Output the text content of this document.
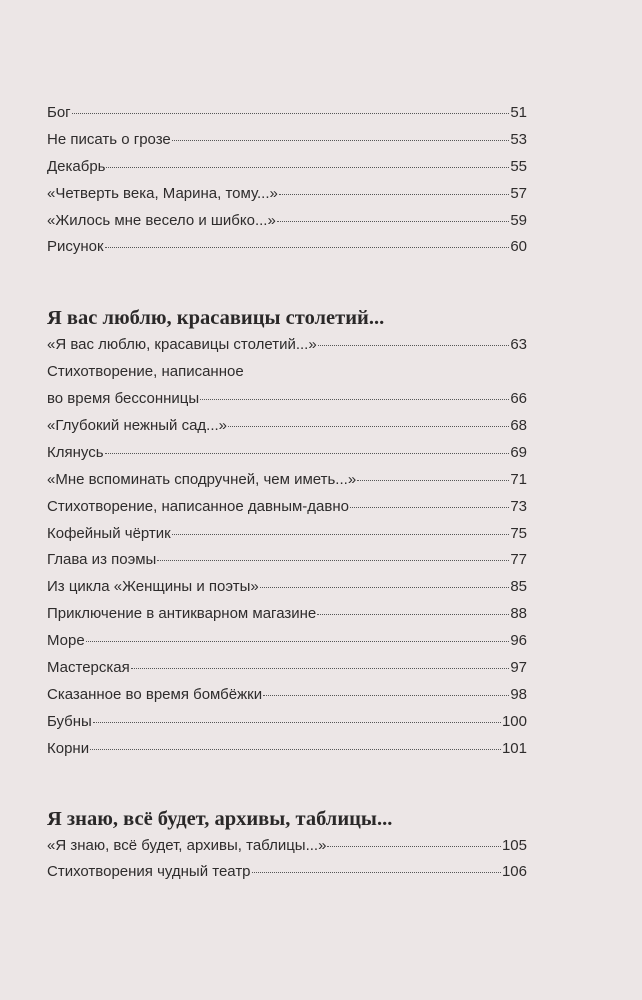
Бог	51
Не писать о грозе	53
Декабрь	55
«Четверть века, Марина, тому...»	57
«Жилось мне весело и шибко...»	59
Рисунок	60
Я вас люблю, красавицы столетий...
«Я вас люблю, красавицы столетий...»	63
Стихотворение, написанное
во время бессонницы	66
«Глубокий нежный сад...»	68
Клянусь	69
«Мне вспоминать сподручней, чем иметь...»	71
Стихотворение, написанное давным-давно	73
Кофейный чёртик	75
Глава из поэмы	77
Из цикла «Женщины и поэты»	85
Приключение в антикварном магазине	88
Море	96
Мастерская	97
Сказанное во время бомбёжки	98
Бубны	100
Корни	101
Я знаю, всё будет, архивы, таблицы...
«Я знаю, всё будет, архивы, таблицы...»	105
Стихотворения чудный театр	106
